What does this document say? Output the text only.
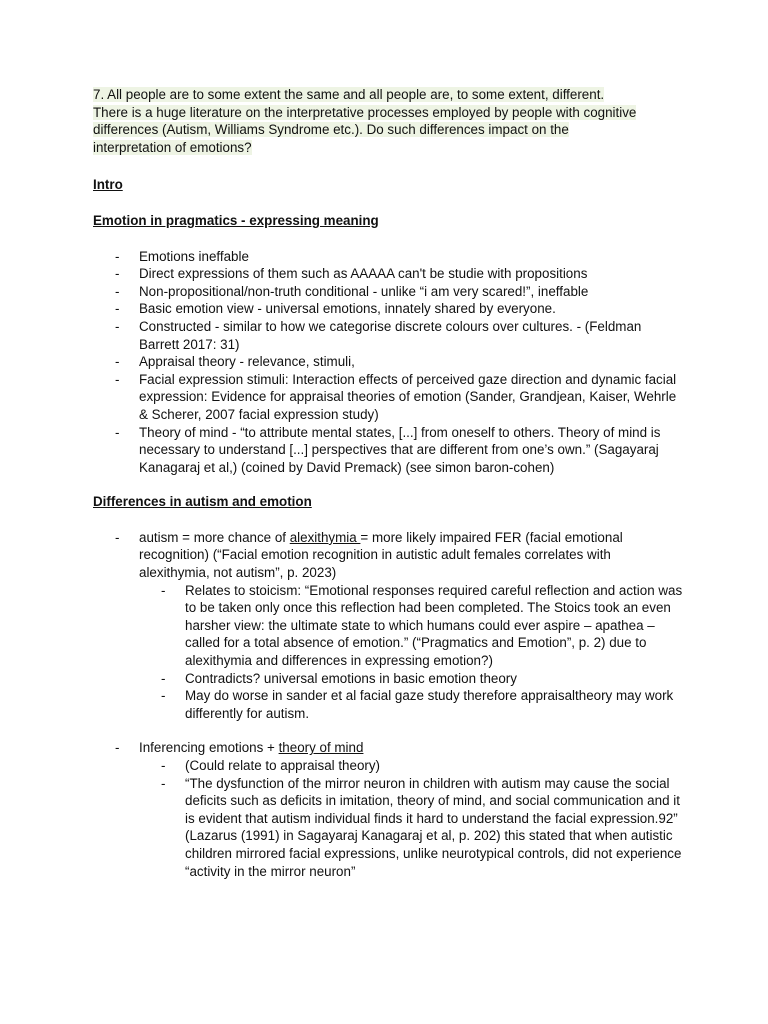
7. All people are to some extent the same and all people are, to some extent, different.
There is a huge literature on the interpretative processes employed by people with cognitive
differences (Autism, Williams Syndrome etc.). Do such differences impact on the
interpretation of emotions?

Intro

Emotion in pragmatics - expressing meaning

- Emotions ineffable
- Direct expressions of them such as AAAAA can't be studie with propositions
- Non-propositional/non-truth conditional - unlike “i am very scared!”, ineffable
- Basic emotion view - universal emotions, innately shared by everyone.
- Constructed - similar to how we categorise discrete colours over cultures. - (Feldman Barrett 2017: 31)
- Appraisal theory - relevance, stimuli,
- Facial expression stimuli: Interaction effects of perceived gaze direction and dynamic facial expression: Evidence for appraisal theories of emotion (Sander, Grandjean, Kaiser, Wehrle & Scherer, 2007 facial expression study)
- Theory of mind - “to attribute mental states, [...] from oneself to others. Theory of mind is necessary to understand [...] perspectives that are different from one’s own.” (Sagayaraj Kanagaraj et al,) (coined by David Premack) (see simon baron-cohen)

Differences in autism and emotion

- autism = more chance of alexithymia = more likely impaired FER (facial emotional recognition) (“Facial emotion recognition in autistic adult females correlates with alexithymia, not autism”, p. 2023)
- Relates to stoicism: “Emotional responses required careful reflection and action was to be taken only once this reflection had been completed. The Stoics took an even harsher view: the ultimate state to which humans could ever aspire – apathea – called for a total absence of emotion.” (“Pragmatics and Emotion”, p. 2) due to alexithymia and differences in expressing emotion?)
- Contradicts? universal emotions in basic emotion theory
- May do worse in sander et al facial gaze study therefore appraisaltheory may work differently for autism.
- Inferencing emotions + theory of mind
- (Could relate to appraisal theory)
- “The dysfunction of the mirror neuron in children with autism may cause the social deficits such as deficits in imitation, theory of mind, and social communication and it is evident that autism individual finds it hard to understand the facial expression.92” (Lazarus (1991) in Sagayaraj Kanagaraj et al, p. 202) this stated that when autistic children mirrored facial expressions, unlike neurotypical controls, did not experience “activity in the mirror neuron”
